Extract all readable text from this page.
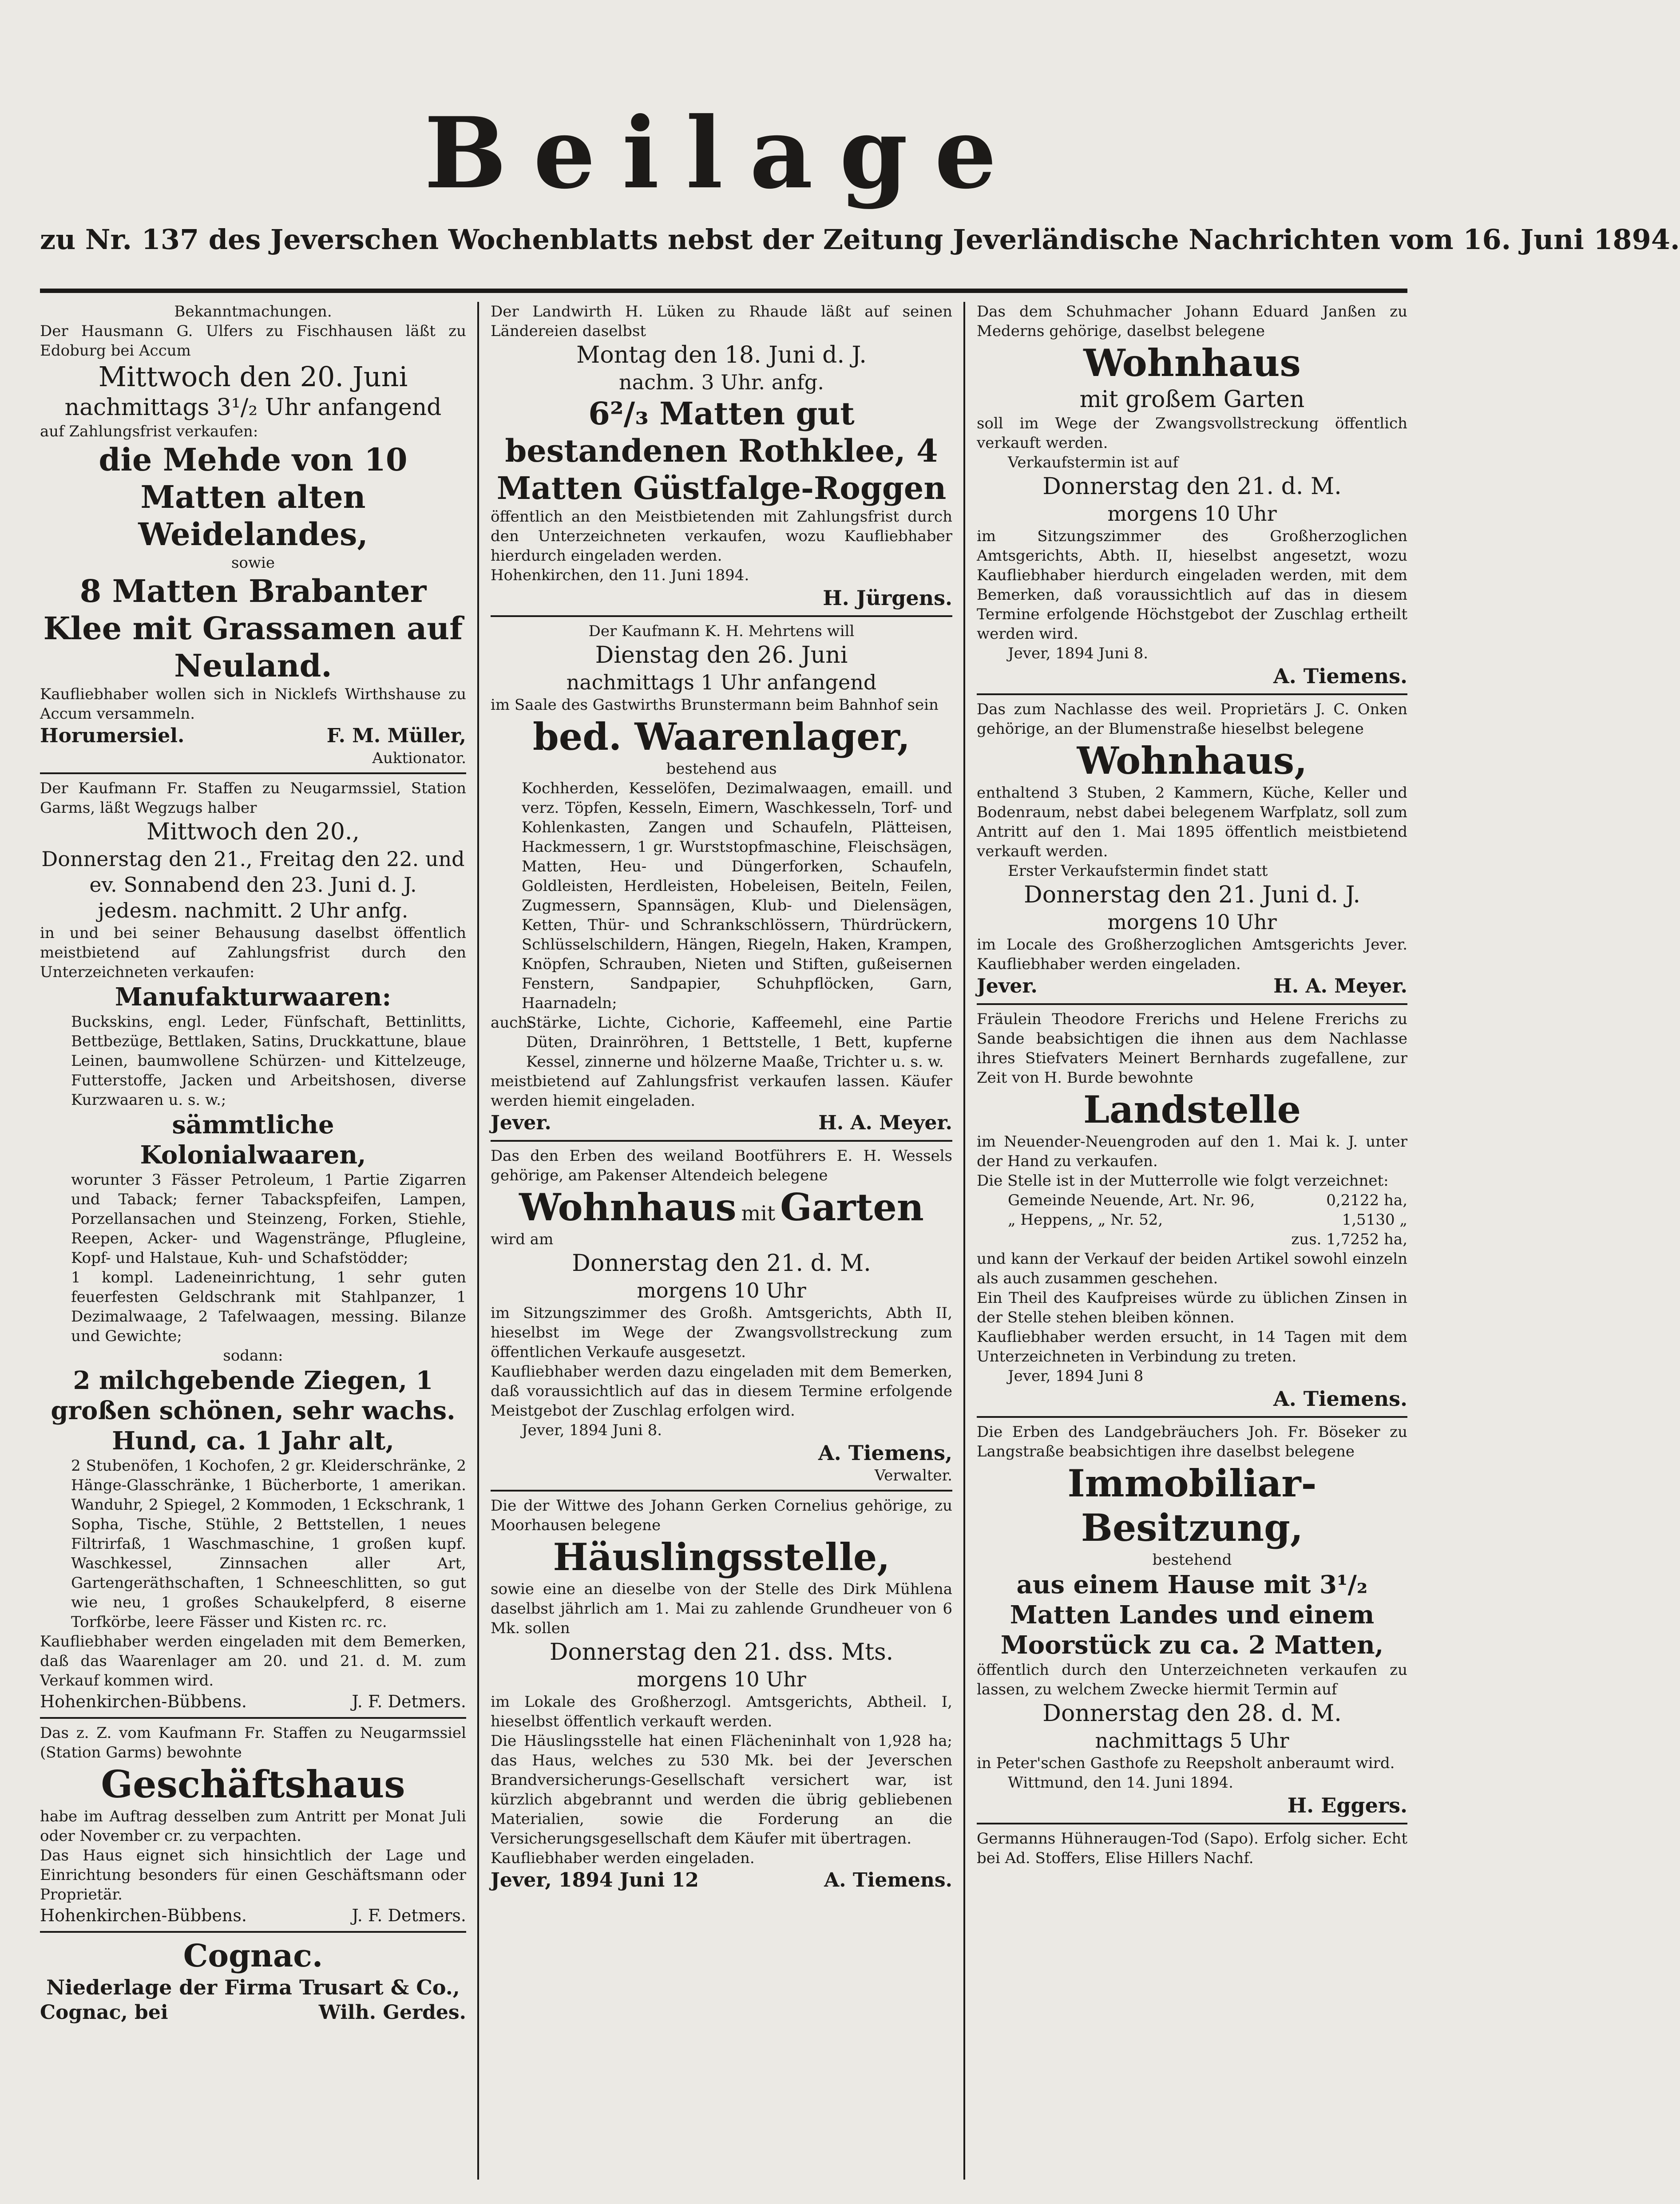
Beilage
zu Nr. 137 des Jeverschen Wochenblatts nebst der Zeitung Jeverländische Nachrichten vom 16. Juni 1894.

Bekanntmachungen.

Der Hausmann G. Ulfers zu Fischhausen läßt zu Edoburg bei Accum

Mittwoch den 20. Juni

nachmittags 3¹/₂ Uhr anfangend

auf Zahlungsfrist verkaufen:

die Mehde von 10 Matten alten Weidelandes,

sowie

8 Matten Brabanter Klee mit Grassamen auf Neuland.

Kaufliebhaber wollen sich in Nicklefs Wirthshause zu Accum versammeln.

Horumersiel.	F. M. Müller,

Auktionator.

Der Kaufmann Fr. Staffen zu Neugarmssiel, Station Garms, läßt Wegzugs halber

Mittwoch den 20.,

Donnerstag den 21., Freitag den 22. und ev. Sonnabend den 23. Juni d. J.

jedesm. nachmitt. 2 Uhr anfg.

in und bei seiner Behausung daselbst öffentlich meistbietend auf Zahlungsfrist durch den Unterzeichneten verkaufen:

Manufakturwaaren:

Buckskins, engl. Leder, Fünfschaft, Bettinlitts, Bettbezüge, Bettlaken, Satins, Druckkattune, blaue Leinen, baumwollene Schürzen- und Kittelzeuge, Futterstoffe, Jacken und Arbeitshosen, diverse Kurzwaaren u. s. w.;

sämmtliche

Kolonialwaaren,

worunter 3 Fässer Petroleum, 1 Partie Zigarren und Taback; ferner Tabackspfeifen, Lampen, Porzellansachen und Steinzeng, Forken, Stiehle, Reepen, Acker- und Wagenstränge, Pflugleine, Kopf- und Halstaue, Kuh- und Schafstödder;

1 kompl. Ladeneinrichtung, 1 sehr guten feuerfesten Geldschrank mit Stahlpanzer, 1 Dezimalwaage, 2 Tafelwaagen, messing. Bilanze und Gewichte;

sodann:

2 milchgebende Ziegen, 1 großen schönen, sehr wachs. Hund, ca. 1 Jahr alt,

2 Stubenöfen, 1 Kochofen, 2 gr. Kleiderschränke, 2 Hänge-Glasschränke, 1 Bücherborte, 1 amerikan. Wanduhr, 2 Spiegel, 2 Kommoden, 1 Eckschrank, 1 Sopha, Tische, Stühle, 2 Bettstellen, 1 neues Filtrirfaß, 1 Waschmaschine, 1 großen kupf. Waschkessel, Zinnsachen aller Art, Gartengeräthschaften, 1 Schneeschlitten, so gut wie neu, 1 großes Schaukelpferd, 8 eiserne Torfkörbe, leere Fässer und Kisten rc. rc.

Kaufliebhaber werden eingeladen mit dem Bemerken, daß das Waarenlager am 20. und 21. d. M. zum Verkauf kommen wird.

Hohenkirchen-Bübbens.	J. F. Detmers.

Das z. Z. vom Kaufmann Fr. Staffen zu Neugarmssiel (Station Garms) bewohnte

Geschäftshaus

habe im Auftrag desselben zum Antritt per Monat Juli oder November cr. zu verpachten.

Das Haus eignet sich hinsichtlich der Lage und Einrichtung besonders für einen Geschäftsmann oder Proprietär.

Hohenkirchen-Bübbens.	J. F. Detmers.

Cognac.

Niederlage der Firma Trusart & Co.,

Cognac, bei	Wilh. Gerdes.

Der Landwirth H. Lüken zu Rhaude läßt auf seinen Ländereien daselbst

Montag den 18. Juni d. J.

nachm. 3 Uhr. anfg.

6²/₃ Matten gut bestandenen Rothklee, 4 Matten Güstfalge-Roggen

öffentlich an den Meistbietenden mit Zahlungsfrist durch den Unterzeichneten verkaufen, wozu Kaufliebhaber hierdurch eingeladen werden.

Hohenkirchen, den 11. Juni 1894.

H. Jürgens.

Der Kaufmann K. H. Mehrtens will

Dienstag den 26. Juni

nachmittags 1 Uhr anfangend

im Saale des Gastwirths Brunstermann beim Bahnhof sein

bed. Waarenlager,

bestehend aus

Kochherden, Kesselöfen, Dezimalwaagen, emaill. und verz. Töpfen, Kesseln, Eimern, Waschkesseln, Torf- und Kohlenkasten, Zangen und Schaufeln, Plätteisen, Hackmessern, 1 gr. Wurststopfmaschine, Fleischsägen, Matten, Heu- und Düngerforken, Schaufeln, Goldleisten, Herdleisten, Hobeleisen, Beiteln, Feilen, Zugmessern, Spannsägen, Klub- und Dielensägen, Ketten, Thür- und Schrankschlössern, Thürdrückern, Schlüsselschildern, Hängen, Riegeln, Haken, Krampen, Knöpfen, Schrauben, Nieten und Stiften, gußeisernen Fenstern, Sandpapier, Schuhpflöcken, Garn, Haarnadeln;

auch:
Stärke, Lichte, Cichorie, Kaffeemehl, eine Partie Düten, Drainröhren, 1 Bettstelle, 1 Bett, kupferne Kessel, zinnerne und hölzerne Maaße, Trichter u. s. w.

meistbietend auf Zahlungsfrist verkaufen lassen. Käufer werden hiemit eingeladen.

Jever.	H. A. Meyer.

Das den Erben des weiland Bootführers E. H. Wessels gehörige, am Pakenser Altendeich belegene

Wohnhaus mit Garten

wird am

Donnerstag den 21. d. M.

morgens 10 Uhr

im Sitzungszimmer des Großh. Amtsgerichts, Abth II, hieselbst im Wege der Zwangsvollstreckung zum öffentlichen Verkaufe ausgesetzt.

Kaufliebhaber werden dazu eingeladen mit dem Bemerken, daß voraussichtlich auf das in diesem Termine erfolgende Meistgebot der Zuschlag erfolgen wird.

Jever, 1894 Juni 8.

A. Tiemens,

Verwalter.

Die der Wittwe des Johann Gerken Cornelius gehörige, zu Moorhausen belegene

Häuslingsstelle,

sowie eine an dieselbe von der Stelle des Dirk Mühlena daselbst jährlich am 1. Mai zu zahlende Grundheuer von 6 Mk. sollen

Donnerstag den 21. dss. Mts.

morgens 10 Uhr

im Lokale des Großherzogl. Amtsgerichts, Abtheil. I, hieselbst öffentlich verkauft werden.

Die Häuslingsstelle hat einen Flächeninhalt von 1,928 ha; das Haus, welches zu 530 Mk. bei der Jeverschen Brandversicherungs-Gesellschaft versichert war, ist kürzlich abgebrannt und werden die übrig gebliebenen Materialien, sowie die Forderung an die Versicherungsgesellschaft dem Käufer mit übertragen.

Kaufliebhaber werden eingeladen.

Jever, 1894 Juni 12	A. Tiemens.

Das dem Schuhmacher Johann Eduard Janßen zu Mederns gehörige, daselbst belegene

Wohnhaus

mit großem Garten

soll im Wege der Zwangsvollstreckung öffentlich verkauft werden.

Verkaufstermin ist auf

Donnerstag den 21. d. M.

morgens 10 Uhr

im Sitzungszimmer des Großherzoglichen Amtsgerichts, Abth. II, hieselbst angesetzt, wozu Kaufliebhaber hierdurch eingeladen werden, mit dem Bemerken, daß voraussichtlich auf das in diesem Termine erfolgende Höchstgebot der Zuschlag ertheilt werden wird.

Jever, 1894 Juni 8.

A. Tiemens.

Das zum Nachlasse des weil. Proprietärs J. C. Onken gehörige, an der Blumenstraße hieselbst belegene

Wohnhaus,

enthaltend 3 Stuben, 2 Kammern, Küche, Keller und Bodenraum, nebst dabei belegenem Warfplatz, soll zum Antritt auf den 1. Mai 1895 öffentlich meistbietend verkauft werden.

Erster Verkaufstermin findet statt

Donnerstag den 21. Juni d. J.

morgens 10 Uhr

im Locale des Großherzoglichen Amtsgerichts Jever. Kaufliebhaber werden eingeladen.

Jever.	H. A. Meyer.

Fräulein Theodore Frerichs und Helene Frerichs zu Sande beabsichtigen die ihnen aus dem Nachlasse ihres Stiefvaters Meinert Bernhards zugefallene, zur Zeit von H. Burde bewohnte

Landstelle

im Neuender-Neuengroden auf den 1. Mai k. J. unter der Hand zu verkaufen.

Die Stelle ist in der Mutterrolle wie folgt verzeichnet:

Gemeinde Neuende, Art. Nr. 96,	0,2122 ha,
„ Heppens, „ Nr. 52,	1,5130 „

zus. 1,7252 ha,

und kann der Verkauf der beiden Artikel sowohl einzeln als auch zusammen geschehen.

Ein Theil des Kaufpreises würde zu üblichen Zinsen in der Stelle stehen bleiben können.

Kaufliebhaber werden ersucht, in 14 Tagen mit dem Unterzeichneten in Verbindung zu treten.

Jever, 1894 Juni 8

A. Tiemens.

Die Erben des Landgebräuchers Joh. Fr. Böseker zu Langstraße beabsichtigen ihre daselbst belegene

Immobiliar-Besitzung,

bestehend

aus einem Hause mit 3¹/₂ Matten Landes und einem Moorstück zu ca. 2 Matten,

öffentlich durch den Unterzeichneten verkaufen zu lassen, zu welchem Zwecke hiermit Termin auf

Donnerstag den 28. d. M.

nachmittags 5 Uhr

in Peter'schen Gasthofe zu Reepsholt anberaumt wird.

Wittmund, den 14. Juni 1894.

H. Eggers.

Germanns Hühneraugen-Tod (Sapo). Erfolg sicher. Echt bei Ad. Stoffers, Elise Hillers Nachf.
